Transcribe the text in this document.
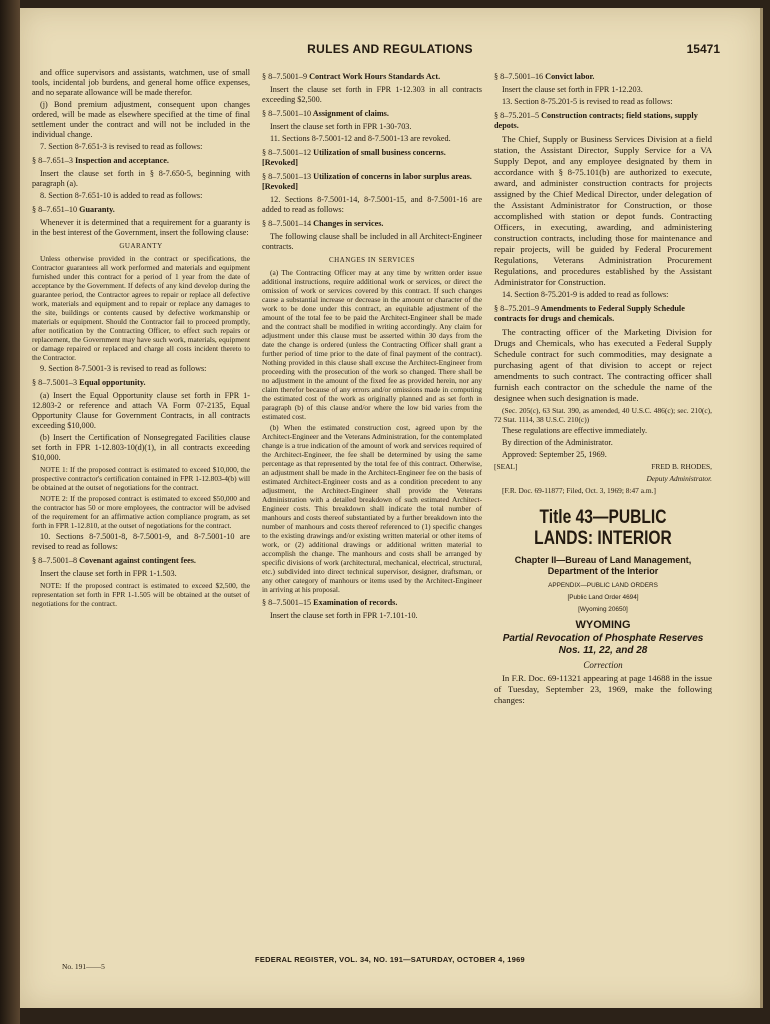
RULES AND REGULATIONS	15471

and office supervisors and assistants, watchmen, use of small tools, incidental job burdens, and general home office expenses, and no separate allowance will be made therefor.

(j) Bond premium adjustment, consequent upon changes ordered, will be made as elsewhere specified at the time of final settlement under the contract and will not be included in the individual change.

7. Section 8-7.651-3 is revised to read as follows:

§ 8–7.651–3 Inspection and acceptance.

Insert the clause set forth in § 8-7.650-5, beginning with paragraph (a).

8. Section 8-7.651-10 is added to read as follows:

§ 8–7.651–10 Guaranty.

Whenever it is determined that a requirement for a guaranty is in the best interest of the Government, insert the following clause:

GUARANTY

Unless otherwise provided in the contract or specifications, the Contractor guarantees all work performed and materials and equipment furnished under this contract for a period of 1 year from the date of acceptance by the Government. If defects of any kind develop during the guarantee period, the Contractor agrees to repair or replace all defective work, materials and equipment and to repair or replace any damages to the site, buildings or contents caused by defective workmanship or materials or equipment. Should the Contractor fail to proceed promptly, after notification by the Contracting Officer, to effect such repairs or replacement, the Government may have such work, materials, equipment or damage repaired or replaced and charge all costs incident thereto to the Contractor.

9. Section 8-7.5001-3 is revised to read as follows:

§ 8–7.5001–3 Equal opportunity.

(a) Insert the Equal Opportunity clause set forth in FPR 1-12.803-2 or reference and attach VA Form 07-2135, Equal Opportunity Clause for Government Contracts, in all contracts exceeding $10,000.

(b) Insert the Certification of Nonsegregated Facilities clause set forth in FPR 1-12.803-10(d)(1), in all contracts exceeding $10,000.

NOTE 1: If the proposed contract is estimated to exceed $10,000, the prospective contractor's certification contained in FPR 1-12.803-4(b) will be obtained at the outset of negotiations for the contract.

NOTE 2: If the proposed contract is estimated to exceed $50,000 and the contractor has 50 or more employees, the contractor will be advised of the requirement for an affirmative action compliance program, as set forth in FPR 1-12.810, at the outset of negotiations for the contract.

10. Sections 8-7.5001-8, 8-7.5001-9, and 8-7.5001-10 are revised to read as follows:

§ 8–7.5001–8 Covenant against contingent fees.

Insert the clause set forth in FPR 1-1.503.

NOTE: If the proposed contract is estimated to exceed $2,500, the representation set forth in FPR 1-1.505 will be obtained at the outset of negotiations for the contract.

§ 8–7.5001–9 Contract Work Hours Standards Act.

Insert the clause set forth in FPR 1-12.303 in all contracts exceeding $2,500.

§ 8–7.5001–10 Assignment of claims.

Insert the clause set forth in FPR 1-30-703.

11. Sections 8-7.5001-12 and 8-7.5001-13 are revoked.

§ 8–7.5001–12 Utilization of small business concerns. [Revoked]
§ 8–7.5001–13 Utilization of concerns in labor surplus areas. [Revoked]

12. Sections 8-7.5001-14, 8-7.5001-15, and 8-7.5001-16 are added to read as follows:

§ 8–7.5001–14 Changes in services.

The following clause shall be included in all Architect-Engineer contracts.

CHANGES IN SERVICES

(a) The Contracting Officer may at any time by written order issue additional instructions, require additional work or services, or direct the omission of work or services covered by this contract. If such changes cause a substantial increase or decrease in the amount or character of the work to be done under this contract, an equitable adjustment of the amount of the total fee to be paid the Architect-Engineer shall be made and the contract shall be modified in writing accordingly. Any claim for adjustment under this clause must be asserted within 30 days from the date the change is ordered (unless the Contracting Officer shall grant a further period of time prior to the date of final payment of the contract). Nothing provided in this clause shall excuse the Architect-Engineer from proceeding with the prosecution of the work so changed. There shall be no adjustment in the amount of the fixed fee as provided herein, nor any claim therefor because of any errors and/or omissions made in computing the estimated cost of the work as originally planned and as set forth in paragraph (b) of this clause and/or where the low bid varies from the estimated cost.

(b) When the estimated construction cost, agreed upon by the Architect-Engineer and the Veterans Administration, for the contemplated change is a true indication of the amount of work and services required of the Architect-Engineer, the fee shall be determined by using the same percentage as that represented by the total fee of this contract. Otherwise, an adjustment shall be made in the Architect-Engineer fee on the basis of estimated Architect-Engineer costs and as a condition precedent to any adjustment, the Architect-Engineer shall provide the Veterans Administration with a detailed breakdown of such estimated Architect-Engineer costs. This breakdown shall indicate the total number of manhours and costs thereof substantiated by a further breakdown into the number of manhours and costs thereof referenced to (1) specific changes to the existing drawings and/or existing written material or other items of work, or (2) additional drawings or additional written material to accomplish the change. The manhours and costs shall be arranged by specific divisions of work (architectural, mechanical, electrical, structural, etc.) subdivided into direct technical supervisor, designer, draftsman, or any other category of manhours or items used by the Architect-Engineer in arriving at his proposal.

§ 8–7.5001–15 Examination of records.

Insert the clause set forth in FPR 1-7.101-10.

§ 8–7.5001–16 Convict labor.

Insert the clause set forth in FPR 1-12.203.

13. Section 8-75.201-5 is revised to read as follows:

§ 8–75.201–5 Construction contracts; field stations, supply depots.

The Chief, Supply or Business Services Division at a field station, the Assistant Director, Supply Service for a VA Supply Depot, and any employee designated by them in accordance with § 8-75.101(b) are authorized to execute, award, and administer construction contracts for projects assigned by the Chief Medical Director, under delegation of the Assistant Administrator for Construction, or those accomplished with station or depot funds. Contracting Officers, in executing, awarding, and administering construction contracts, including those for maintenance and repair projects, will be guided by Federal Procurement Regulations, Veterans Administration Procurement Regulations, and procedures established by the Assistant Administrator for Construction.

14. Section 8-75.201-9 is added to read as follows:

§ 8–75.201–9 Amendments to Federal Supply Schedule contracts for drugs and chemicals.

The contracting officer of the Marketing Division for Drugs and Chemicals, who has executed a Federal Supply Schedule contract for such commodities, may designate a purchasing agent of that division to accept or reject amendments to such contract. The contracting officer shall furnish each contractor on the schedule the name of the designee when such designation is made.

(Sec. 205(c), 63 Stat. 390, as amended, 40 U.S.C. 486(c); sec. 210(c), 72 Stat. 1114, 38 U.S.C. 210(c))

These regulations are effective immediately.

By direction of the Administrator.

Approved: September 25, 1969.

[SEAL]	FRED B. RHODES,
Deputy Administrator.

[F.R. Doc. 69-11877; Filed, Oct. 3, 1969; 8:47 a.m.]

Title 43—PUBLIC LANDS: INTERIOR
Chapter II—Bureau of Land Management, Department of the Interior
APPENDIX—PUBLIC LAND ORDERS
[Public Land Order 4694]
[Wyoming 20650]
WYOMING
Partial Revocation of Phosphate Reserves Nos. 11, 22, and 28
Correction

In F.R. Doc. 69-11321 appearing at page 14688 in the issue of Tuesday, September 23, 1969, make the following changes:

FEDERAL REGISTER, VOL. 34, NO. 191—SATURDAY, OCTOBER 4, 1969
No. 191——5
